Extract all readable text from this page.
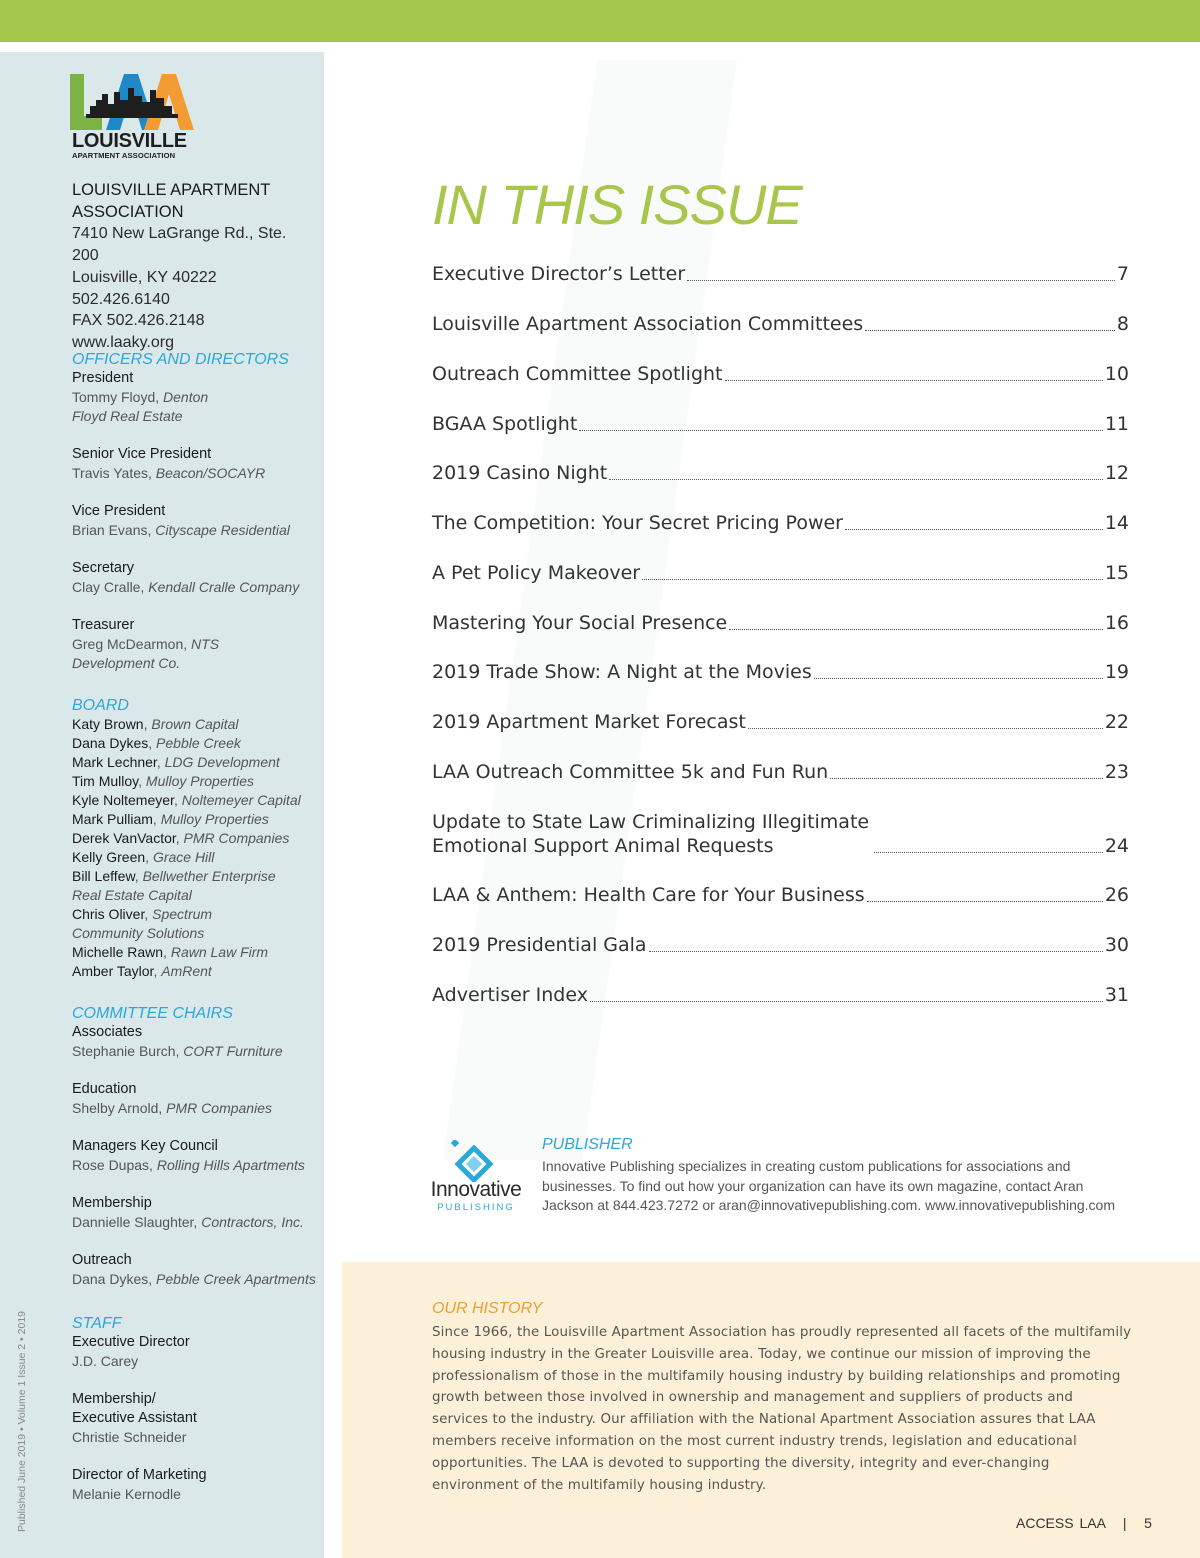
LOUISVILLE
APARTMENT ASSOCIATION
LOUISVILLE APARTMENT ASSOCIATION
7410 New LaGrange Rd., Ste. 200
Louisville, KY 40222
502.426.6140
FAX 502.426.2148
www.laaky.org
OFFICERS AND DIRECTORS
President
Tommy Floyd, Denton Floyd Real Estate
Senior Vice President
Travis Yates, Beacon/SOCAYR
Vice President
Brian Evans, Cityscape Residential
Secretary
Clay Cralle, Kendall Cralle Company
Treasurer
Greg McDearmon, NTS Development Co.
BOARD
Katy Brown, Brown Capital
Dana Dykes, Pebble Creek
Mark Lechner, LDG Development
Tim Mulloy, Mulloy Properties
Kyle Noltemeyer, Noltemeyer Capital
Mark Pulliam, Mulloy Properties
Derek VanVactor, PMR Companies
Kelly Green, Grace Hill
Bill Leffew, Bellwether Enterprise Real Estate Capital
Chris Oliver, Spectrum Community Solutions
Michelle Rawn, Rawn Law Firm
Amber Taylor, AmRent
COMMITTEE CHAIRS
Associates
Stephanie Burch, CORT Furniture
Education
Shelby Arnold, PMR Companies
Managers Key Council
Rose Dupas, Rolling Hills Apartments
Membership
Dannielle Slaughter, Contractors, Inc.
Outreach
Dana Dykes, Pebble Creek Apartments
STAFF
Executive Director
J.D. Carey
Membership/ Executive Assistant
Christie Schneider
Director of Marketing
Melanie Kernodle
Published June 2019 • Volume 1 Issue 2 • 2019
IN THIS ISSUE
Executive Director’s Letter	7
Louisville Apartment Association Committees	8
Outreach Committee Spotlight	10
BGAA Spotlight	11
2019 Casino Night	12
The Competition: Your Secret Pricing Power	14
A Pet Policy Makeover	15
Mastering Your Social Presence	16
2019 Trade Show: A Night at the Movies	19
2019 Apartment Market Forecast	22
LAA Outreach Committee 5k and Fun Run	23
Update to State Law Criminalizing Illegitimate Emotional Support Animal Requests	24
LAA & Anthem: Health Care for Your Business	26
2019 Presidential Gala	30
Advertiser Index	31
Innovative
PUBLISHING
PUBLISHER
Innovative Publishing specializes in creating custom publications for associations and businesses. To find out how your organization can have its own magazine, contact Aran Jackson at 844.423.7272 or aran@innovativepublishing.com. www.innovativepublishing.com
OUR HISTORY
Since 1966, the Louisville Apartment Association has proudly represented all facets of the multifamily housing industry in the Greater Louisville area. Today, we continue our mission of improving the professionalism of those in the multifamily housing industry by building relationships and promoting growth between those involved in ownership and management and suppliers of products and services to the industry. Our affiliation with the National Apartment Association assures that LAA members receive information on the most current industry trends, legislation and educational opportunities. The LAA is devoted to supporting the diversity, integrity and ever-changing environment of the multifamily housing industry.
ACCESS LAA | 5
